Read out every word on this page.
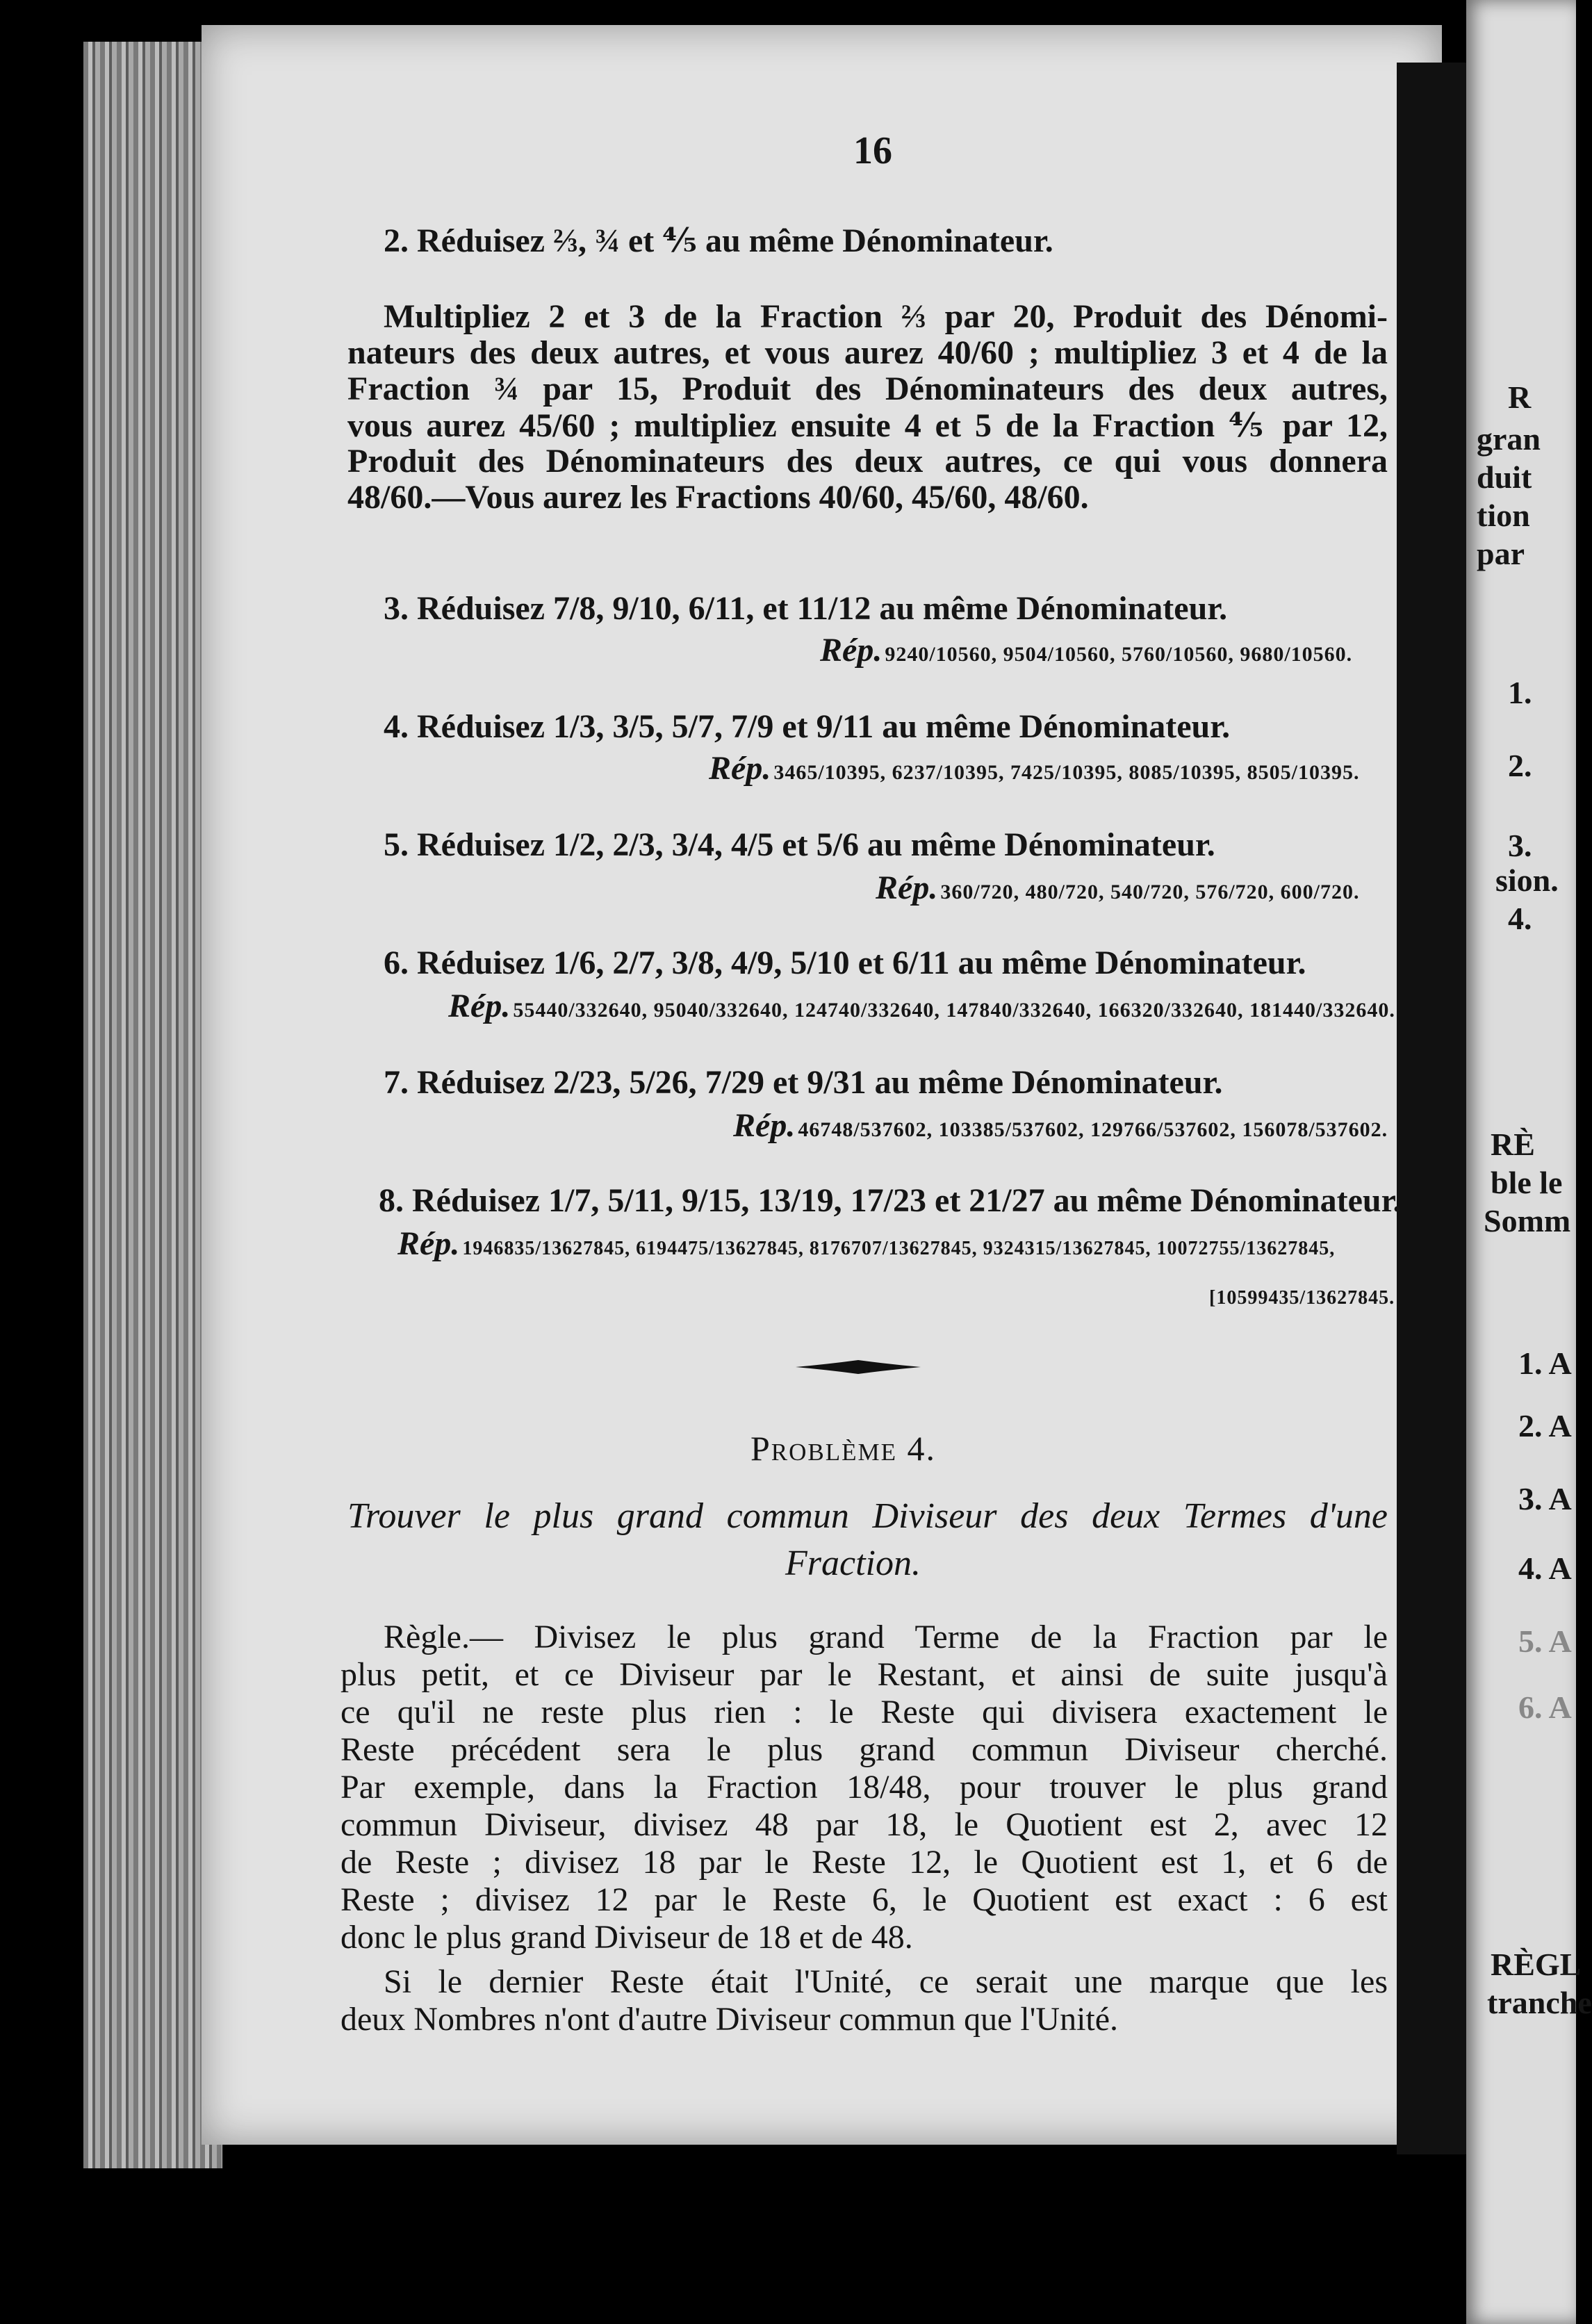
R
gran
duit
tion
par
1.
2.
3.
sion.
4.
RÈ
ble le
Somm
1. A
2. A
3. A
4. A
5. A
6. A
RÈGL
tranche
16
2. Réduisez ⅔, ¾ et ⅘ au même Dénominateur.
Multipliez 2 et 3 de la Fraction ⅔ par 20, Produit des Dénomi-
nateurs des deux autres, et vous aurez 40/60 ; multipliez 3 et 4 de la
Fraction ¾ par 15, Produit des Dénominateurs des deux autres,
vous aurez 45/60 ; multipliez ensuite 4 et 5 de la Fraction ⅘ par 12,
Produit des Dénominateurs des deux autres, ce qui vous donnera
48/60.—Vous aurez les Fractions 40/60, 45/60, 48/60.
3. Réduisez 7/8, 9/10, 6/11, et 11/12 au même Dénominateur.
Rép. 9240/10560, 9504/10560, 5760/10560, 9680/10560.
4. Réduisez 1/3, 3/5, 5/7, 7/9 et 9/11 au même Dénominateur.
Rép. 3465/10395, 6237/10395, 7425/10395, 8085/10395, 8505/10395.
5. Réduisez 1/2, 2/3, 3/4, 4/5 et 5/6 au même Dénominateur.
Rép. 360/720, 480/720, 540/720, 576/720, 600/720.
6. Réduisez 1/6, 2/7, 3/8, 4/9, 5/10 et 6/11 au même Dénominateur.
Rép. 55440/332640, 95040/332640, 124740/332640, 147840/332640, 166320/332640, 181440/332640.
7. Réduisez 2/23, 5/26, 7/29 et 9/31 au même Dénominateur.
Rép. 46748/537602, 103385/537602, 129766/537602, 156078/537602.
8. Réduisez 1/7, 5/11, 9/15, 13/19, 17/23 et 21/27 au même Dénominateur.
Rép. 1946835/13627845, 6194475/13627845, 8176707/13627845, 9324315/13627845, 10072755/13627845,
[10599435/13627845.
Problème 4.
Trouver le plus grand commun Diviseur des deux Termes d'une
Fraction.
Règle.— Divisez le plus grand Terme de la Fraction par le
plus petit, et ce Diviseur par le Restant, et ainsi de suite jusqu'à
ce qu'il ne reste plus rien : le Reste qui divisera exactement le
Reste précédent sera le plus grand commun Diviseur cherché.
Par exemple, dans la Fraction 18/48, pour trouver le plus grand
commun Diviseur, divisez 48 par 18, le Quotient est 2, avec 12
de Reste ; divisez 18 par le Reste 12, le Quotient est 1, et 6 de
Reste ; divisez 12 par le Reste 6, le Quotient est exact : 6 est
donc le plus grand Diviseur de 18 et de 48.
Si le dernier Reste était l'Unité, ce serait une marque que les
deux Nombres n'ont d'autre Diviseur commun que l'Unité.
